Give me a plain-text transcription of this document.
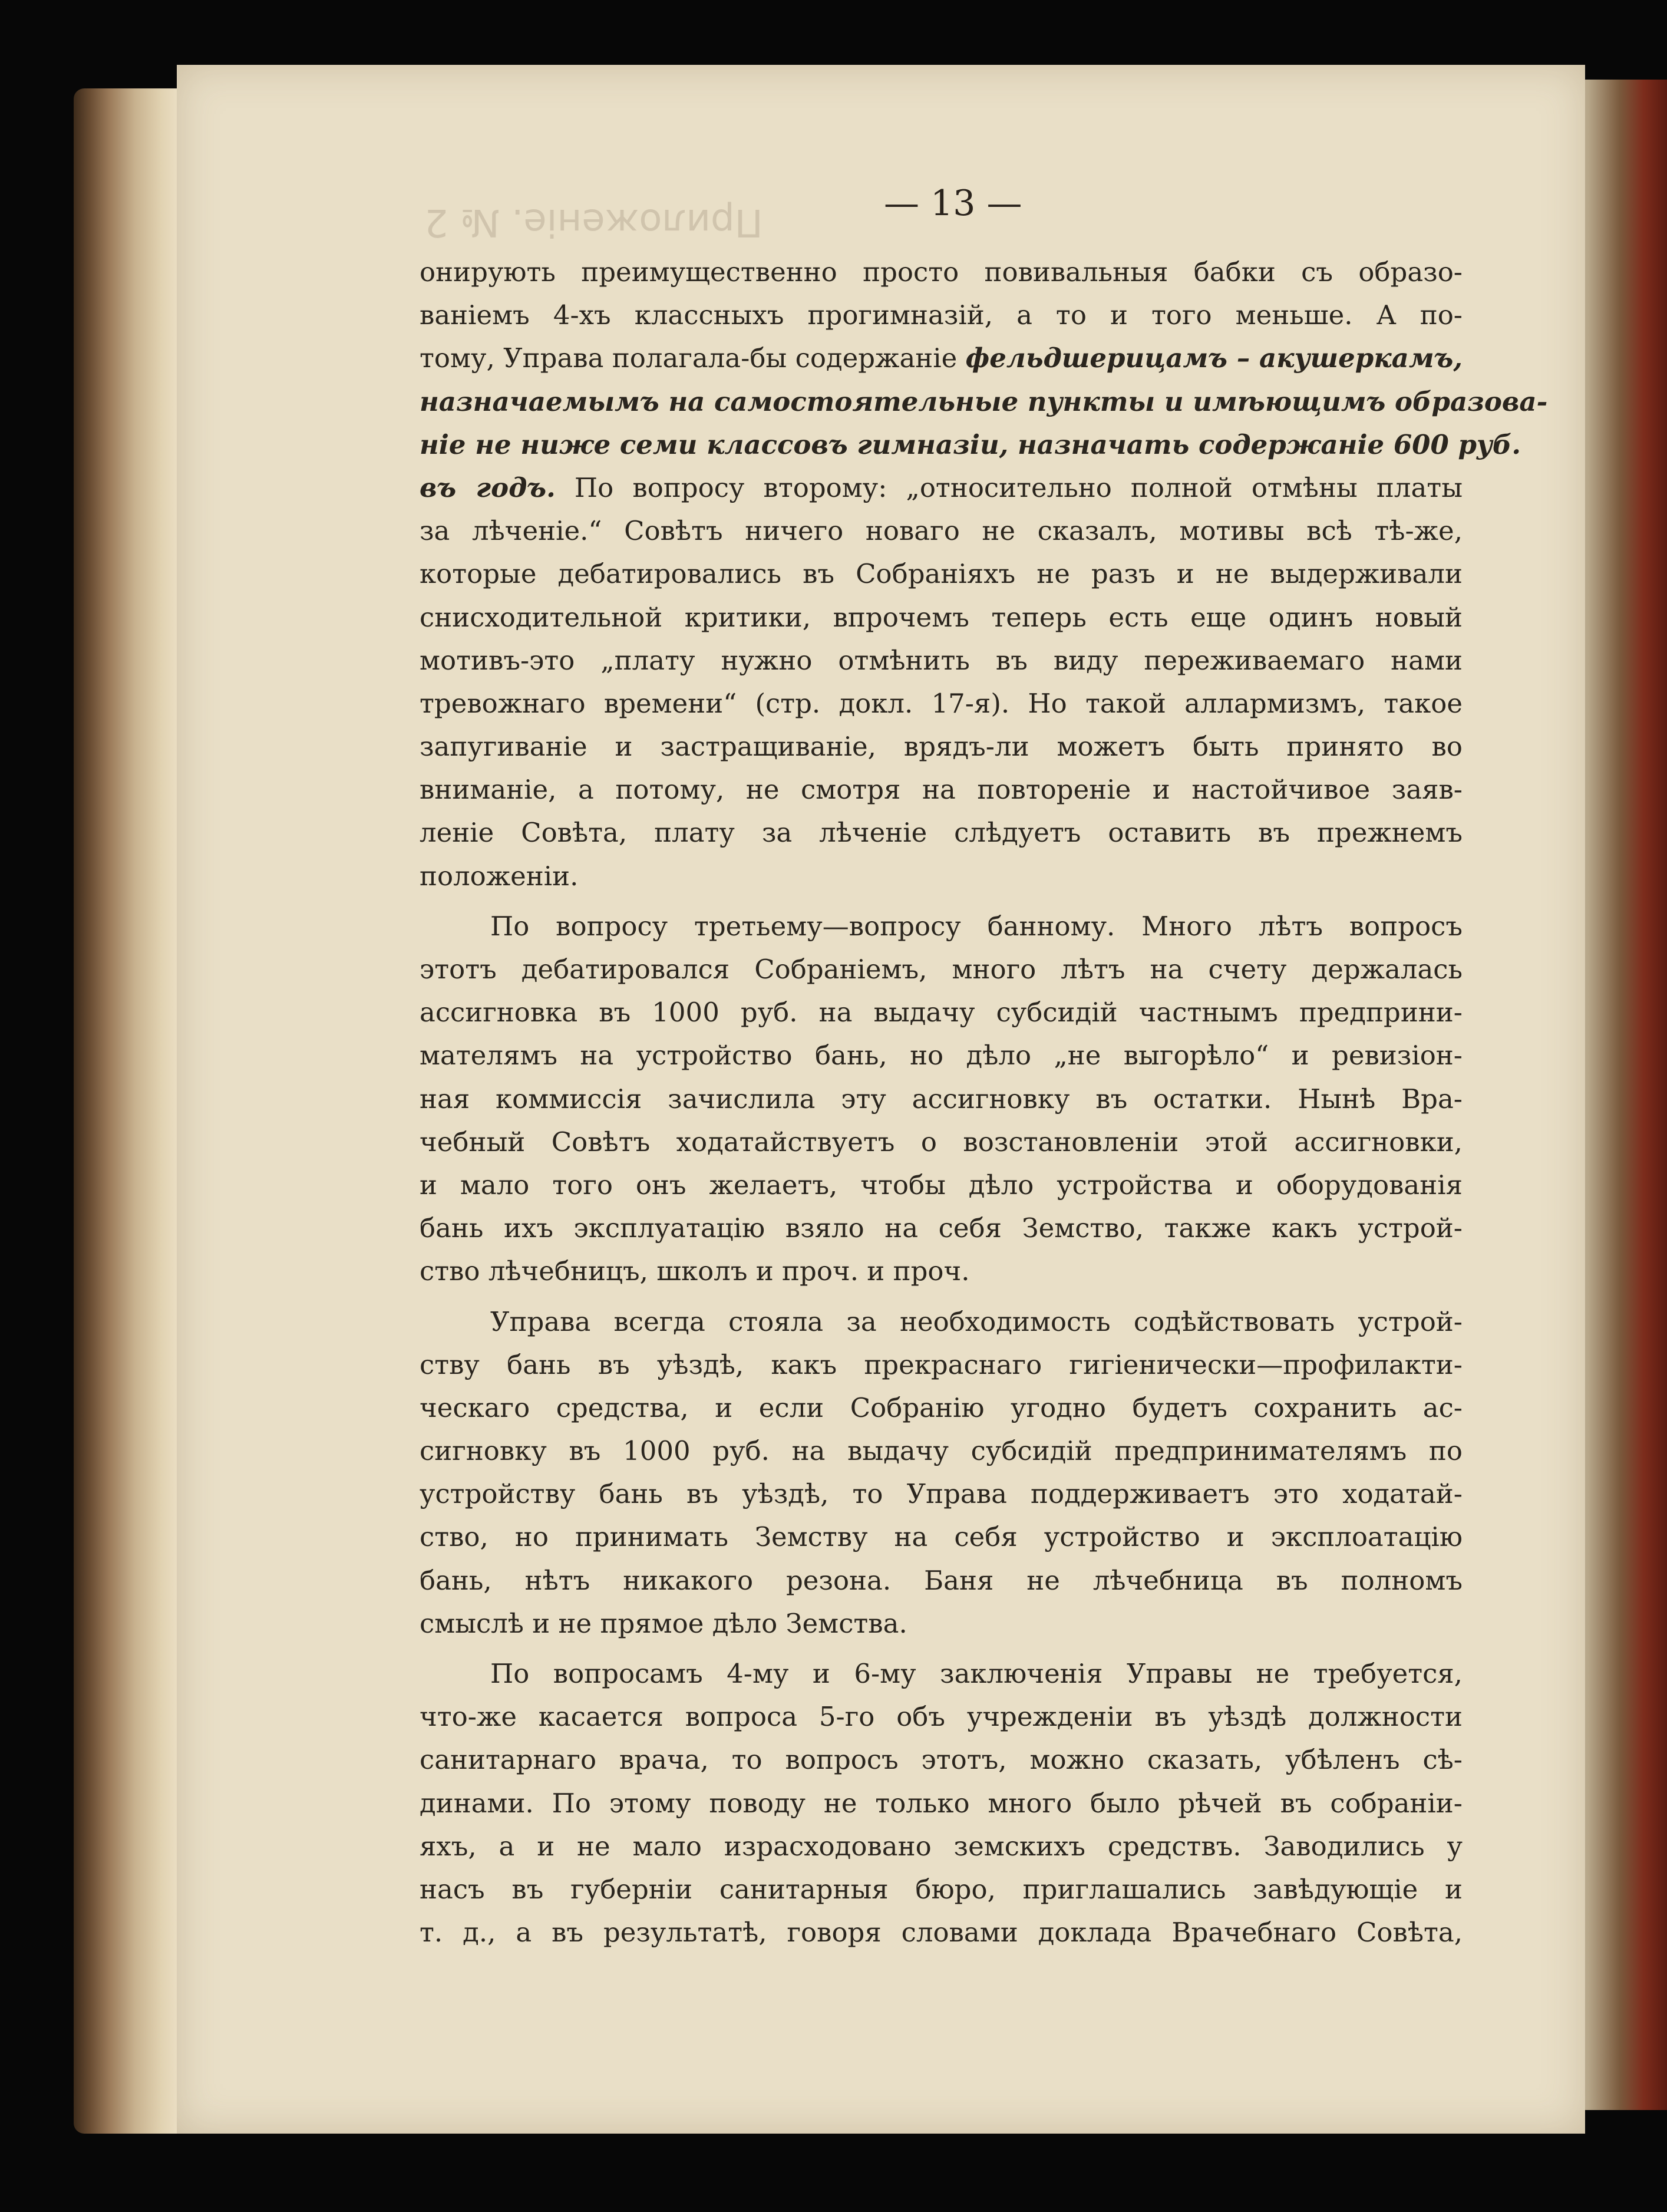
Приложеніе. № 2	— 13 —
онирують преимущественно просто повивальныя бабки съ образо-
ваніемъ 4-хъ классныхъ прогимназій, а то и того меньше. А по-
тому, Управа полагала-бы содержаніе фельдшерицамъ – акушеркамъ,
назначаемымъ на самостоятельные пункты и имѣющимъ образова-
ніе не ниже семи классовъ гимназіи, назначать содержаніе 600 руб.
въ годъ. По вопросу второму: „относительно полной отмѣны платы
за лѣченіе.“ Совѣтъ ничего новаго не сказалъ, мотивы всѣ тѣ-же,
которые дебатировались въ Собраніяхъ не разъ и не выдерживали
снисходительной критики, впрочемъ теперь есть еще одинъ новый
мотивъ-это „плату нужно отмѣнить въ виду переживаемаго нами
тревожнаго времени“ (стр. докл. 17-я). Но такой аллармизмъ, такое
запугиваніе и застращиваніе, врядъ-ли можетъ быть принято во
вниманіе, а потому, не смотря на повтореніе и настойчивое заяв-
леніе Совѣта, плату за лѣченіе слѣдуетъ оставить въ прежнемъ
положеніи.
По вопросу третьему—вопросу банному. Много лѣтъ вопросъ
этотъ дебатировался Собраніемъ, много лѣтъ на счету держалась
ассигновка въ 1000 руб. на выдачу субсидій частнымъ предприни-
мателямъ на устройство бань, но дѣло „не выгорѣло“ и ревизіон-
ная коммиссія зачислила эту ассигновку въ остатки. Нынѣ Вра-
чебный Совѣтъ ходатайствуетъ о возстановленіи этой ассигновки,
и мало того онъ желаетъ, чтобы дѣло устройства и оборудованія
бань ихъ эксплуатацію взяло на себя Земство, также какъ устрой-
ство лѣчебницъ, школъ и проч. и проч.
Управа всегда стояла за необходимость содѣйствовать устрой-
ству бань въ уѣздѣ, какъ прекраснаго гигіенически—профилакти-
ческаго средства, и если Собранію угодно будетъ сохранить ас-
сигновку въ 1000 руб. на выдачу субсидій предпринимателямъ по
устройству бань въ уѣздѣ, то Управа поддерживаетъ это ходатай-
ство, но принимать Земству на себя устройство и эксплоатацію
бань, нѣтъ никакого резона. Баня не лѣчебница въ полномъ
смыслѣ и не прямое дѣло Земства.
По вопросамъ 4-му и 6-му заключенія Управы не требуется,
что-же касается вопроса 5-го объ учрежденіи въ уѣздѣ должности
санитарнаго врача, то вопросъ этотъ, можно сказать, убѣленъ сѣ-
динами. По этому поводу не только много было рѣчей въ собраніи-
яхъ, а и не мало израсходовано земскихъ средствъ. Заводились у
насъ въ губерніи санитарныя бюро, приглашались завѣдующіе и
т. д., а въ результатѣ, говоря словами доклада Врачебнаго Совѣта,
